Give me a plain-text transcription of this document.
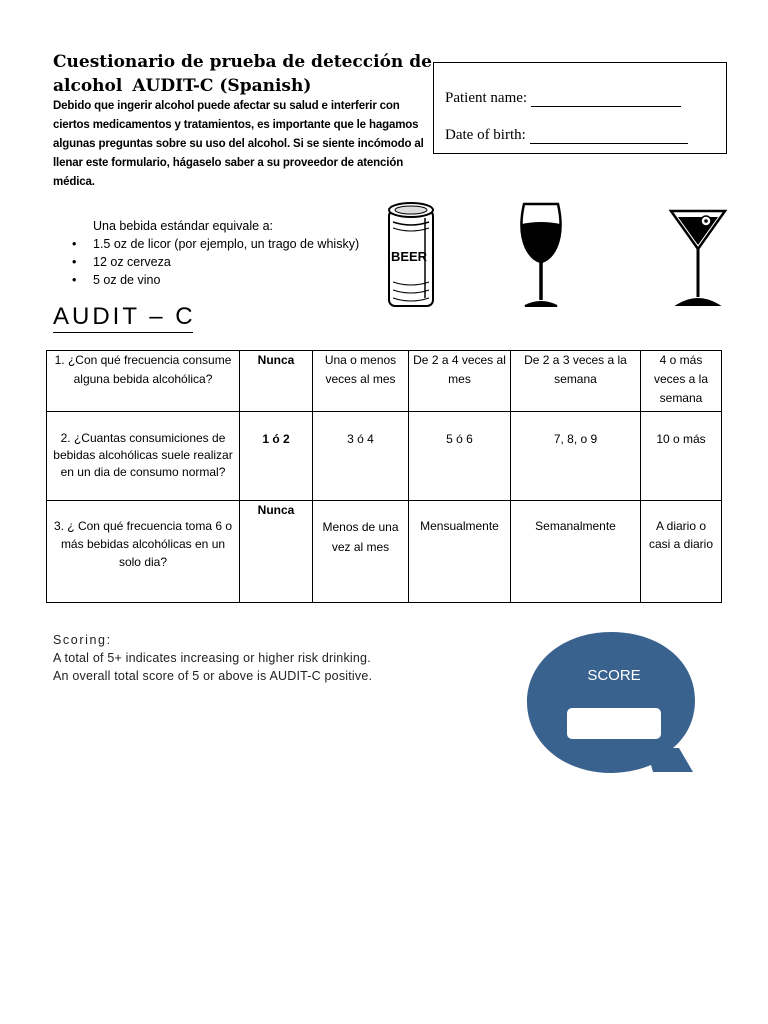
Cuestionario de prueba de detección de
alcohol AUDIT-C (Spanish)
Debido que ingerir alcohol puede afectar su salud e interferir con ciertos medicamentos y tratamientos, es importante que le hagamos algunas preguntas sobre su uso del alcohol. Si se siente incómodo al llenar este formulario, hágaselo saber a su proveedor de atención médica.
Patient name:
Date of birth:
Una bebida estándar equivale a:
• 1.5 oz de licor (por ejemplo, un trago de whisky)
• 12 oz cerveza
• 5 oz de vino
BEER
AUDIT – C
1. ¿Con qué frecuencia consume alguna bebida alcohólica?	Nunca	Una o menos veces al mes	De 2 a 4 veces al mes	De 2 a 3 veces a la semana	4 o más veces a la semana
2. ¿Cuantas consumiciones de bebidas alcohólicas suele realizar en un dia de consumo normal?	1 ó 2	3 ó 4	5 ó 6	7, 8, o 9	10 o más
3. ¿ Con qué frecuencia toma 6 o más bebidas alcohólicas en un solo dia?	Nunca	Menos de una vez al mes	Mensualmente	Semanalmente	A diario o casi a diario
Scoring:
A total of 5+ indicates increasing or higher risk drinking.
An overall total score of 5 or above is AUDIT-C positive.	SCORE
